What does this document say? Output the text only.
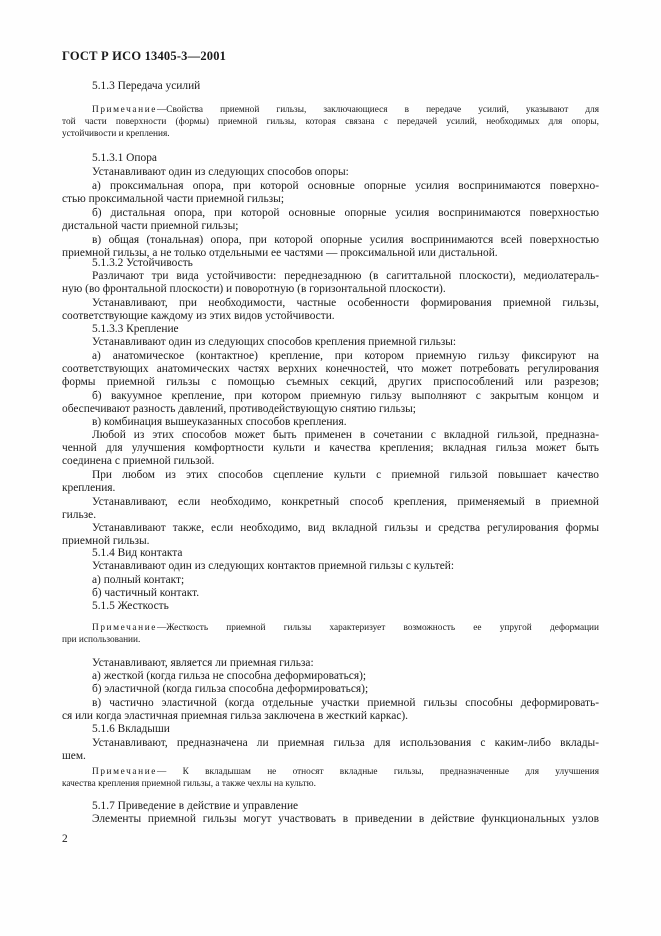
ГОСТ Р ИСО 13405-3—2001
5.1.3 Передача усилий
Примечание —Свойства приемной гильзы, заключающиеся в передаче усилий, указывают для
той части поверхности (формы) приемной гильзы, которая связана с передачей усилий, необходимых для опоры,
устойчивости и крепления.
5.1.3.1 Опора
Устанавливают один из следующих способов опоры:
а) проксимальная опора, при которой основные опорные усилия воспринимаются поверхно-
стью проксимальной части приемной гильзы;
б) дистальная опора, при которой основные опорные усилия воспринимаются поверхностью
дистальной части приемной гильзы;
в) общая (тональная) опора, при которой опорные усилия воспринимаются всей поверхностью
приемной гильзы, а не только отдельными ее частями — проксимальной или дистальной.
5.1.3.2 Устойчивость
Различают три вида устойчивости: переднезаднюю (в сагиттальной плоскости), медиолатераль-
ную (во фронтальной плоскости) и поворотную (в горизонтальной плоскости).
Устанавливают, при необходимости, частные особенности формирования приемной гильзы,
соответствующие каждому из этих видов устойчивости.
5.1.3.3 Крепление
Устанавливают один из следующих способов крепления приемной гильзы:
а) анатомическое (контактное) крепление, при котором приемную гильзу фиксируют на
соответствующих анатомических частях верхних конечностей, что может потребовать регулирования
формы приемной гильзы с помощью съемных секций, других приспособлений или разрезов;
б) вакуумное крепление, при котором приемную гильзу выполняют с закрытым концом и
обеспечивают разность давлений, противодействующую снятию гильзы;
в) комбинация вышеуказанных способов крепления.
Любой из этих способов может быть применен в сочетании с вкладной гильзой, предназна-
ченной для улучшения комфортности культи и качества крепления; вкладная гильза может быть
соединена с приемной гильзой.
При любом из этих способов сцепление культи с приемной гильзой повышает качество
крепления.
Устанавливают, если необходимо, конкретный способ крепления, применяемый в приемной
гильзе.
Устанавливают также, если необходимо, вид вкладной гильзы и средства регулирования формы
приемной гильзы.
5.1.4 Вид контакта
Устанавливают один из следующих контактов приемной гильзы с культей:
а) полный контакт;
б) частичный контакт.
5.1.5 Жесткость
Примечание —Жесткость приемной гильзы характеризует возможность ее упругой деформации
при использовании.
Устанавливают, является ли приемная гильза:
а) жесткой (когда гильза не способна деформироваться);
б) эластичной (когда гильза способна деформироваться);
в) частично эластичной (когда отдельные участки приемной гильзы способны деформировать-
ся или когда эластичная приемная гильза заключена в жесткий каркас).
5.1.6 Вкладыши
Устанавливают, предназначена ли приемная гильза для использования с каким-либо вклады-
шем.
Примечание — К вкладышам не относят вкладные гильзы, предназначенные для улучшения
качества крепления приемной гильзы, а также чехлы на культю.
5.1.7 Приведение в действие и управление
Элементы приемной гильзы могут участвовать в приведении в действие функциональных узлов
2
